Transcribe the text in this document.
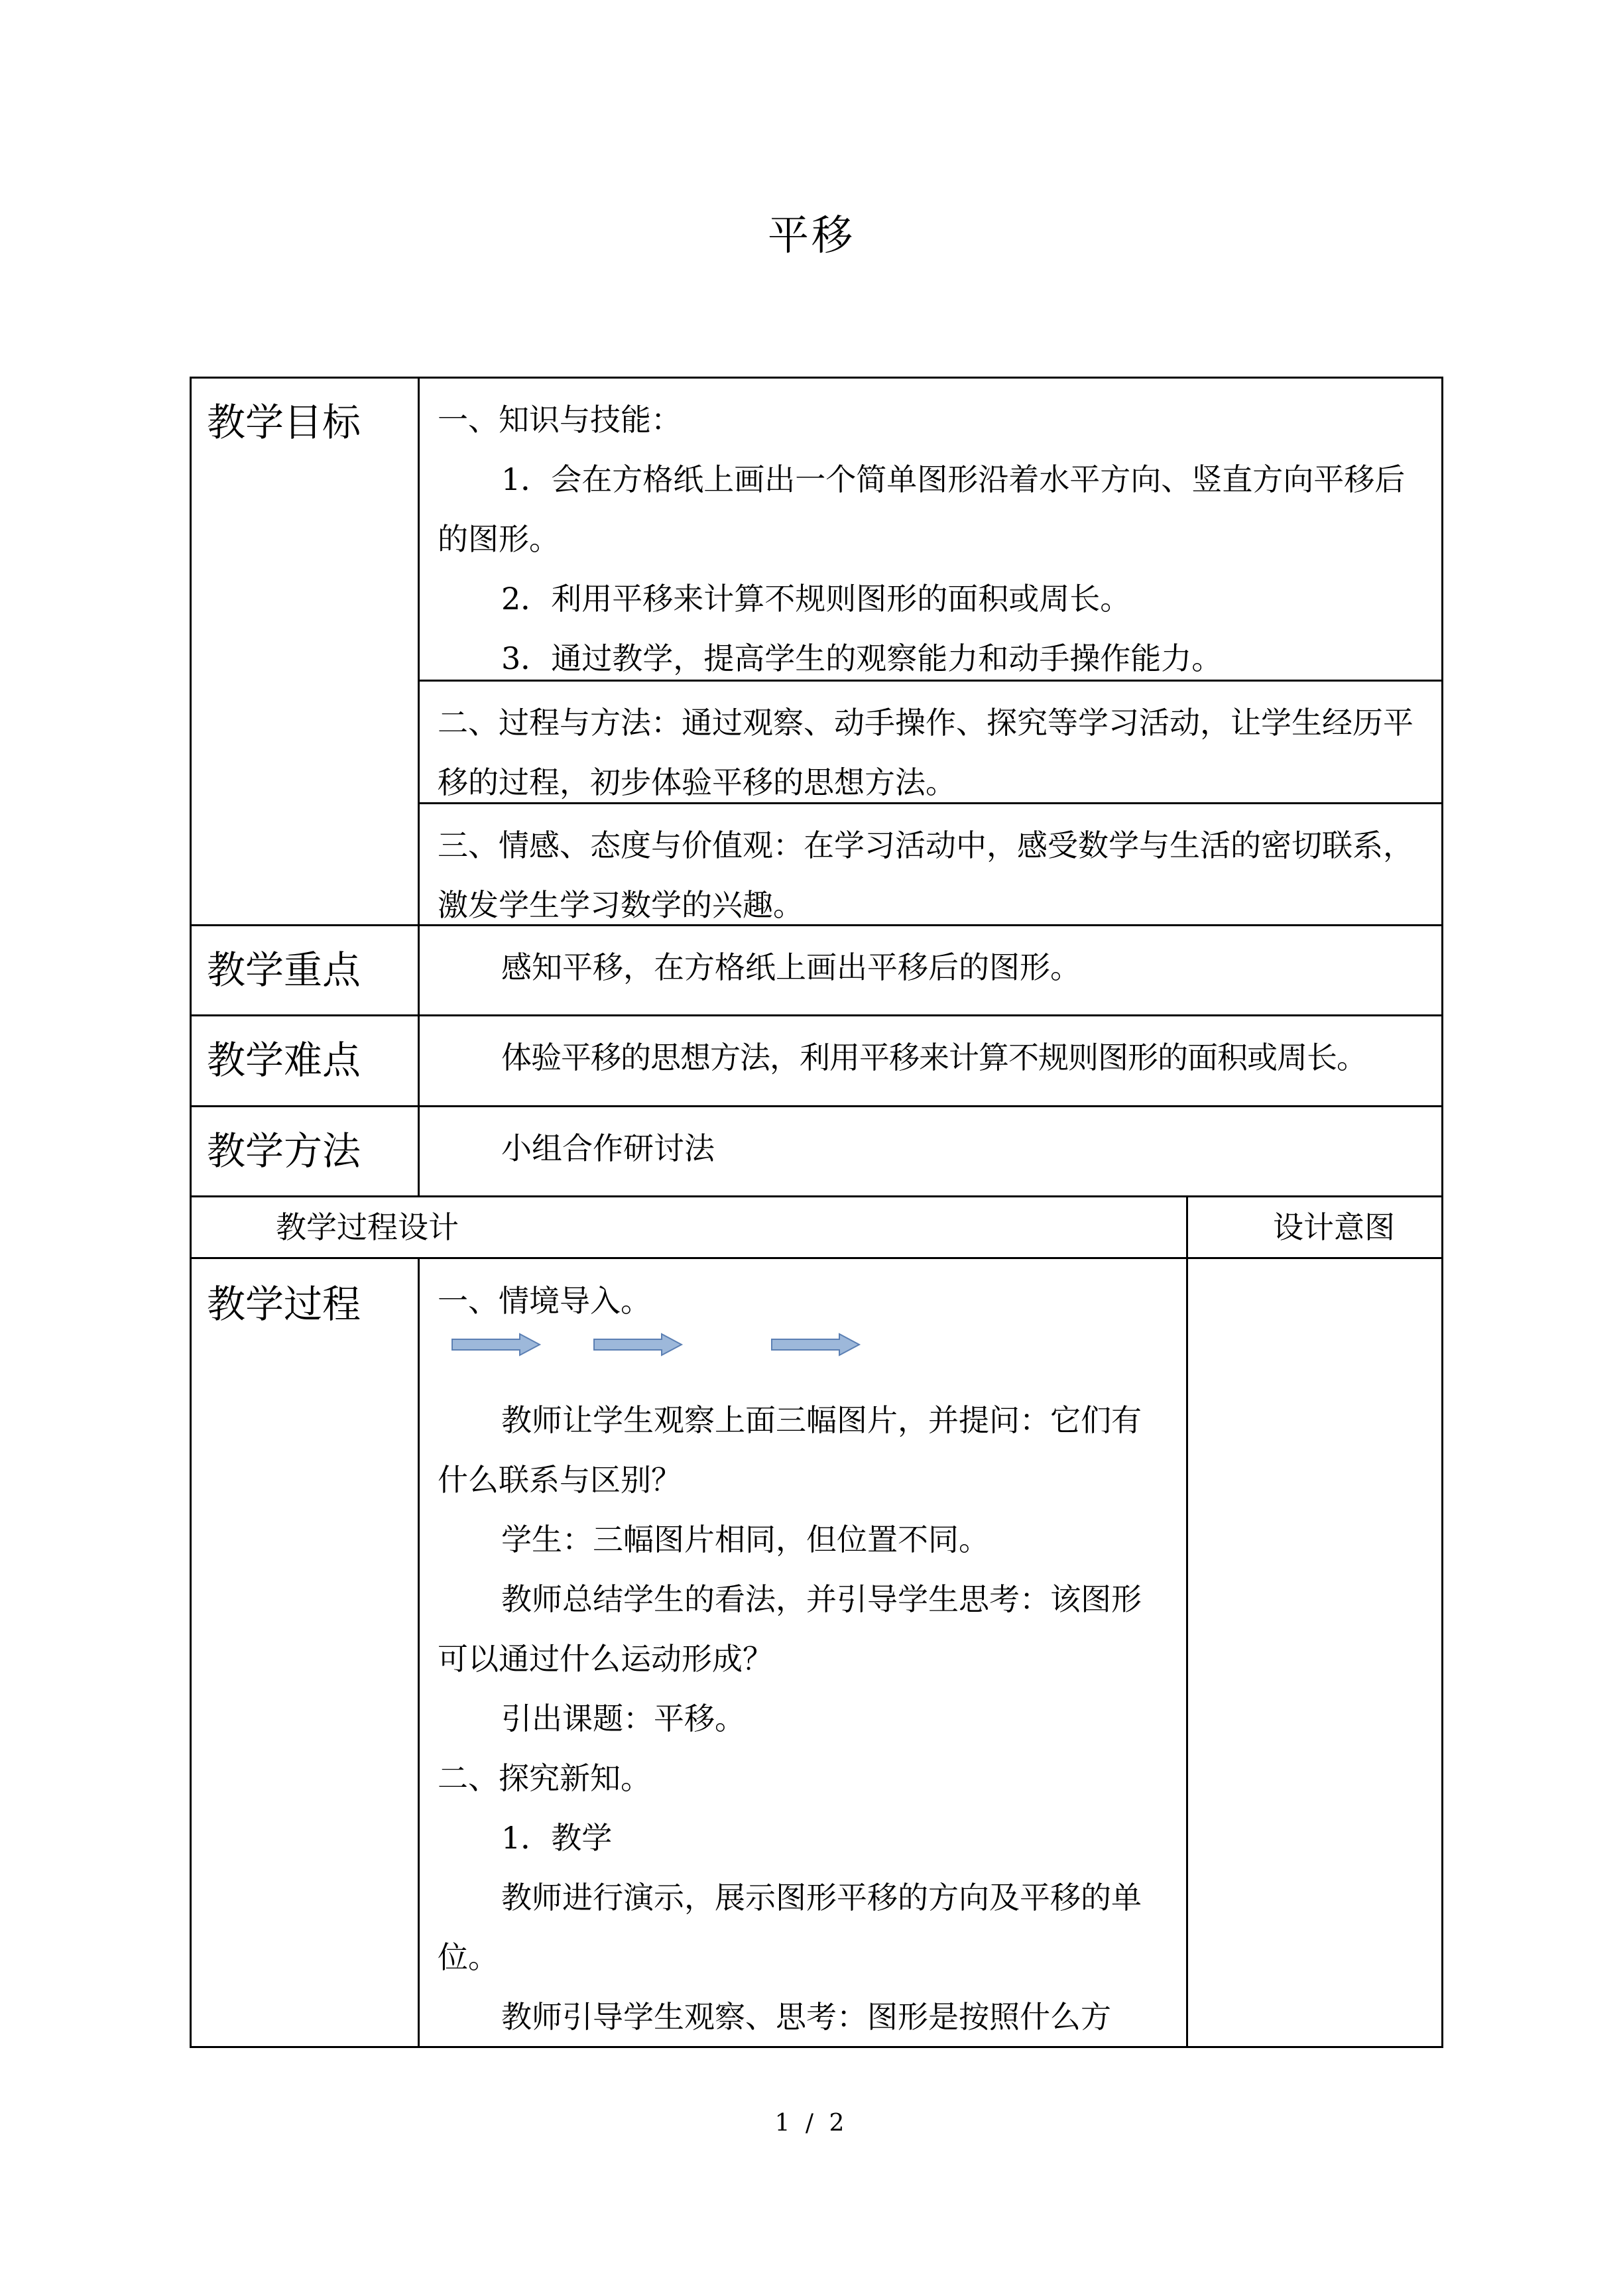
平移
教学目标	一、知识与技能：

1．会在方格纸上画出一个简单图形沿着水平方向、竖直方向平移后的图形。

2．利用平移来计算不规则图形的面积或周长。

3．通过教学，提高学生的观察能力和动手操作能力。

二、过程与方法：通过观察、动手操作、探究等学习活动，让学生经历平移的过程，初步体验平移的思想方法。

三、情感、态度与价值观：在学习活动中，感受数学与生活的密切联系，激发学生学习数学的兴趣。

教学重点	感知平移，在方格纸上画出平移后的图形。

教学难点	体验平移的思想方法，利用平移来计算不规则图形的面积或周长。

教学方法	小组合作研讨法

教学过程设计	设计意图
教学过程	一、情境导入。

教师让学生观察上面三幅图片，并提问：它们有什么联系与区别？

学生：三幅图片相同，但位置不同。

教师总结学生的看法，并引导学生思考：该图形可以通过什么运动形成？

引出课题：平移。

二、探究新知。

1．教学

教师进行演示，展示图形平移的方向及平移的单位。

教师引导学生观察、思考：图形是按照什么方

1 / 2
